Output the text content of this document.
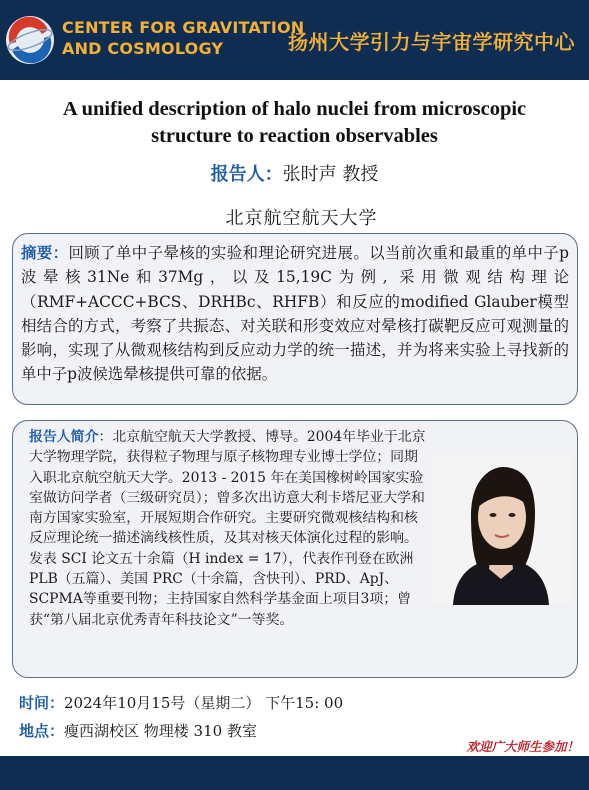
CENTER FOR GRAVITATION
AND COSMOLOGY	扬州大学引力与宇宙学研究中心
A unified description of halo nuclei from microscopic
structure to reaction observables
报告人：张时声 教授
北京航空航天大学
摘要：回顾了单中子晕核的实验和理论研究进展。以当前次重和最重的单中子p波晕核31Ne和37Mg，以及15,19C为例, 采用微观结构理论（RMF+ACCC+BCS、DRHBc、RHFB）和反应的modified Glauber模型相结合的方式，考察了共振态、对关联和形变效应对晕核打碳靶反应可观测量的影响，实现了从微观核结构到反应动力学的统一描述，并为将来实验上寻找新的单中子p波候选晕核提供可靠的依据。
报告人简介：北京航空航天大学教授、博导。2004年毕业于北京大学物理学院，获得粒子物理与原子核物理专业博士学位；同期入职北京航空航天大学。2013 - 2015 年在美国橡树岭国家实验室做访问学者（三级研究员）；曾多次出访意大利卡塔尼亚大学和南方国家实验室，开展短期合作研究。主要研究微观核结构和核反应理论统一描述滴线核性质，及其对核天体演化过程的影响。发表 SCI 论文五十余篇（H index = 17），代表作刊登在欧洲 PLB（五篇）、美国 PRC（十余篇，含快刊）、PRD、ApJ、SCPMA等重要刊物；主持国家自然科学基金面上项目3项；曾获“第八届北京优秀青年科技论文”一等奖。
时间：2024年10月15号（星期二） 下午15: 00
地点：瘦西湖校区 物理楼 310 教室
欢迎广大师生参加！
